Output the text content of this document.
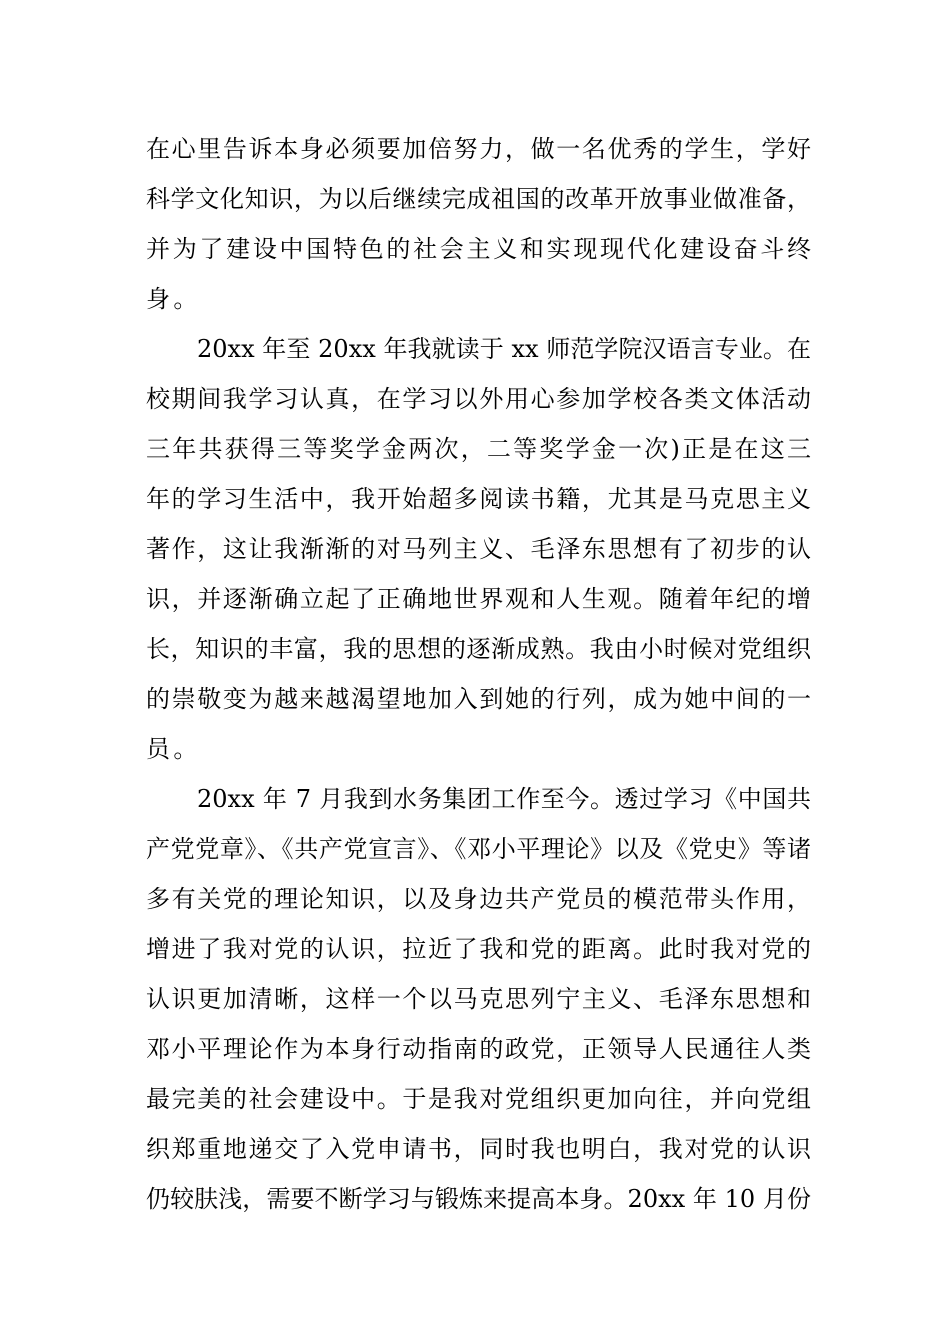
在心里告诉本身必须要加倍努力，做一名优秀的学生，学好
科学文化知识，为以后继续完成祖国的改革开放事业做准备，
并为了建设中国特色的社会主义和实现现代化建设奋斗终
身。
20xx 年至 20xx 年我就读于 xx 师范学院汉语言专业。在
校期间我学习认真，在学习以外用心参加学校各类文体活动
三年共获得三等奖学金两次，二等奖学金一次)正是在这三
年的学习生活中，我开始超多阅读书籍，尤其是马克思主义
著作，这让我渐渐的对马列主义、毛泽东思想有了初步的认
识，并逐渐确立起了正确地世界观和人生观。随着年纪的增
长，知识的丰富，我的思想的逐渐成熟。我由小时候对党组织
的崇敬变为越来越渴望地加入到她的行列，成为她中间的一
员。
20xx 年 7 月我到水务集团工作至今。透过学习《中国共
产党党章》、《共产党宣言》、《邓小平理论》以及《党史》等诸
多有关党的理论知识，以及身边共产党员的模范带头作用，
增进了我对党的认识，拉近了我和党的距离。此时我对党的
认识更加清晰，这样一个以马克思列宁主义、毛泽东思想和
邓小平理论作为本身行动指南的政党，正领导人民通往人类
最完美的社会建设中。于是我对党组织更加向往，并向党组
织郑重地递交了入党申请书，同时我也明白，我对党的认识
仍较肤浅，需要不断学习与锻炼来提高本身。20xx 年 10 月份
